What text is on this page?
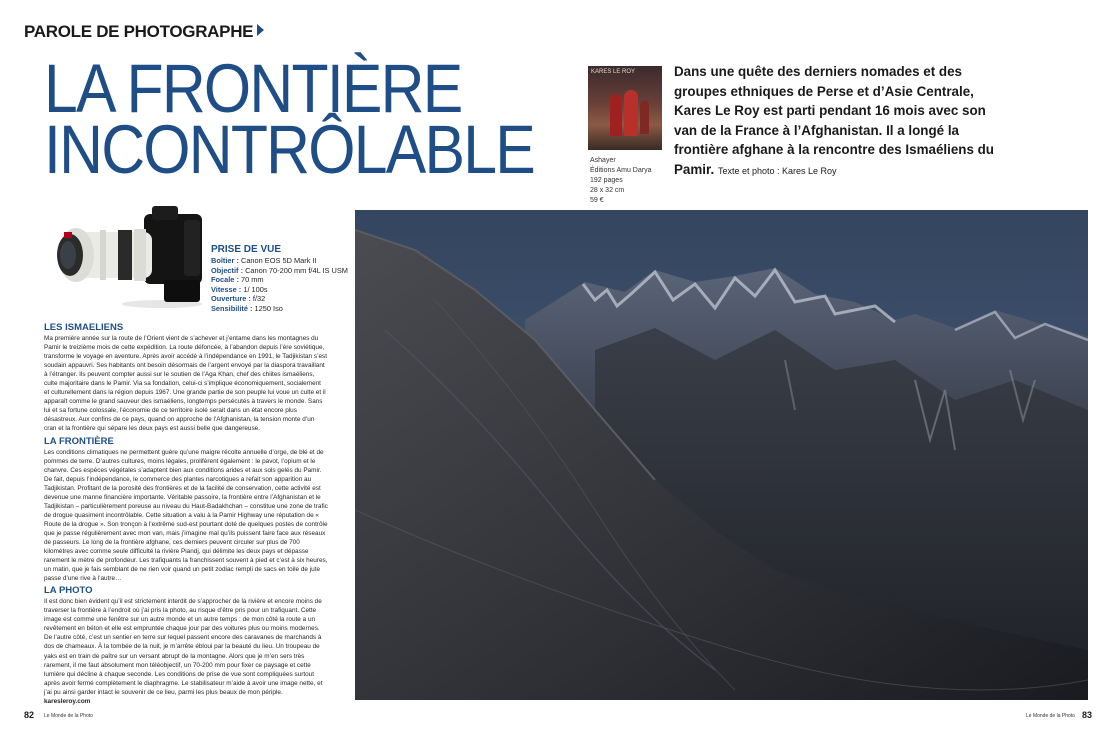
PAROLE DE PHOTOGRAPHE
LA FRONTIÈRE
INCONTRÔLABLE
KARES LE ROY
Ashayer
Éditions Amu Darya
192 pages
28 x 32 cm
59 €

Dans une quête des derniers nomades et des groupes ethniques de Perse et d’Asie Centrale, Kares Le Roy est parti pendant 16 mois avec son van de la France à l’Afghanistan. Il a longé la frontière afghane à la rencontre des Ismaéliens du Pamir. Texte et photo : Kares Le Roy

PRISE DE VUE
Boîtier : Canon EOS 5D Mark II
Objectif : Canon 70-200 mm f/4L IS USM
Focale : 70 mm
Vitesse : 1/ 100s
Ouverture : f/32
Sensibilité : 1250 Iso
LES ISMAELIENS

Ma première année sur la route de l’Orient vient de s’achever et j’entame dans les montagnes du Pamir le treizième mois de cette expédition. La route défoncée, à l’abandon depuis l’ère soviétique, transforme le voyage en aventure. Après avoir accédé à l’indépendance en 1991, le Tadjikistan s’est soudain appauvri. Ses habitants ont besoin désormais de l’argent envoyé par la diaspora travaillant à l’étranger. Ils peuvent compter aussi sur le soutien de l’Aga Khan, chef des chiites ismaéliens, culte majoritaire dans le Pamir. Via sa fondation, celui-ci s’implique économiquement, socialement et culturellement dans la région depuis 1967. Une grande partie de son peuple lui voue un culte et il apparaît comme le grand sauveur des ismaéliens, longtemps persécutés à travers le monde. Sans lui et sa fortune colossale, l’économie de ce territoire isolé serait dans un état encore plus désastreux. Aux confins de ce pays, quand on approche de l’Afghanistan, la tension monte d’un cran et la frontière qui sépare les deux pays est aussi belle que dangereuse.

LA FRONTIÈRE

Les conditions climatiques ne permettent guère qu’une maigre récolte annuelle d’orge, de blé et de pommes de terre. D’autres cultures, moins légales, prolifèrent également : le pavot, l’opium et le chanvre. Ces espèces végétales s’adaptent bien aux conditions arides et aux sols gelés du Pamir. De fait, depuis l’indépendance, le commerce des plantes narcotiques a refait son apparition au Tadjikistan. Profitant de la porosité des frontières et de la facilité de conservation, cette activité est devenue une manne financière importante. Véritable passoire, la frontière entre l’Afghanistan et le Tadjikistan – particulièrement poreuse au niveau du Haut-Badakhchan – constitue une zone de trafic de drogue quasiment incontrôlable. Cette situation a valu à la Pamir Highway une réputation de « Route de la drogue ». Son tronçon à l’extrême sud-est pourtant doté de quelques postes de contrôle que je passe régulièrement avec mon van, mais j’imagine mal qu’ils puissent faire face aux réseaux de passeurs. Le long de la frontière afghane, ces derniers peuvent circuler sur plus de 700 kilomètres avec comme seule difficulté la rivière Piandj, qui délimite les deux pays et dépasse rarement le mètre de profondeur. Les trafiquants la franchissent souvent à pied et c’est à six heures, un matin, que je fais semblant de ne rien voir quand un petit zodiac rempli de sacs en toile de jute passe d’une rive à l’autre…

LA PHOTO

Il est donc bien évident qu’il est strictement interdit de s’approcher de la rivière et encore moins de traverser la frontière à l’endroit où j’ai pris la photo, au risque d’être pris pour un trafiquant. Cette image est comme une fenêtre sur un autre monde et un autre temps : de mon côté la route a un revêtement en béton et elle est empruntée chaque jour par des voitures plus ou moins modernes. De l’autre côté, c’est un sentier en terre sur lequel passent encore des caravanes de marchands à dos de chameaux. À la tombée de la nuit, je m’arrête ébloui par la beauté du lieu. Un troupeau de yaks est en train de paître sur un versant abrupt de la montagne. Alors que je m’en sers très rarement, il me faut absolument mon téléobjectif, un 70-200 mm pour fixer ce paysage et cette lumière qui décline à chaque seconde. Les conditions de prise de vue sont compliquées surtout après avoir fermé complètement le diaphragme. Le stabilisateur m’aide à avoir une image nette, et j’ai pu ainsi garder intact le souvenir de ce lieu, parmi les plus beaux de mon périple.

karesleroy.com

82 Le Monde de la Photo	Le Monde de la Photo 83
